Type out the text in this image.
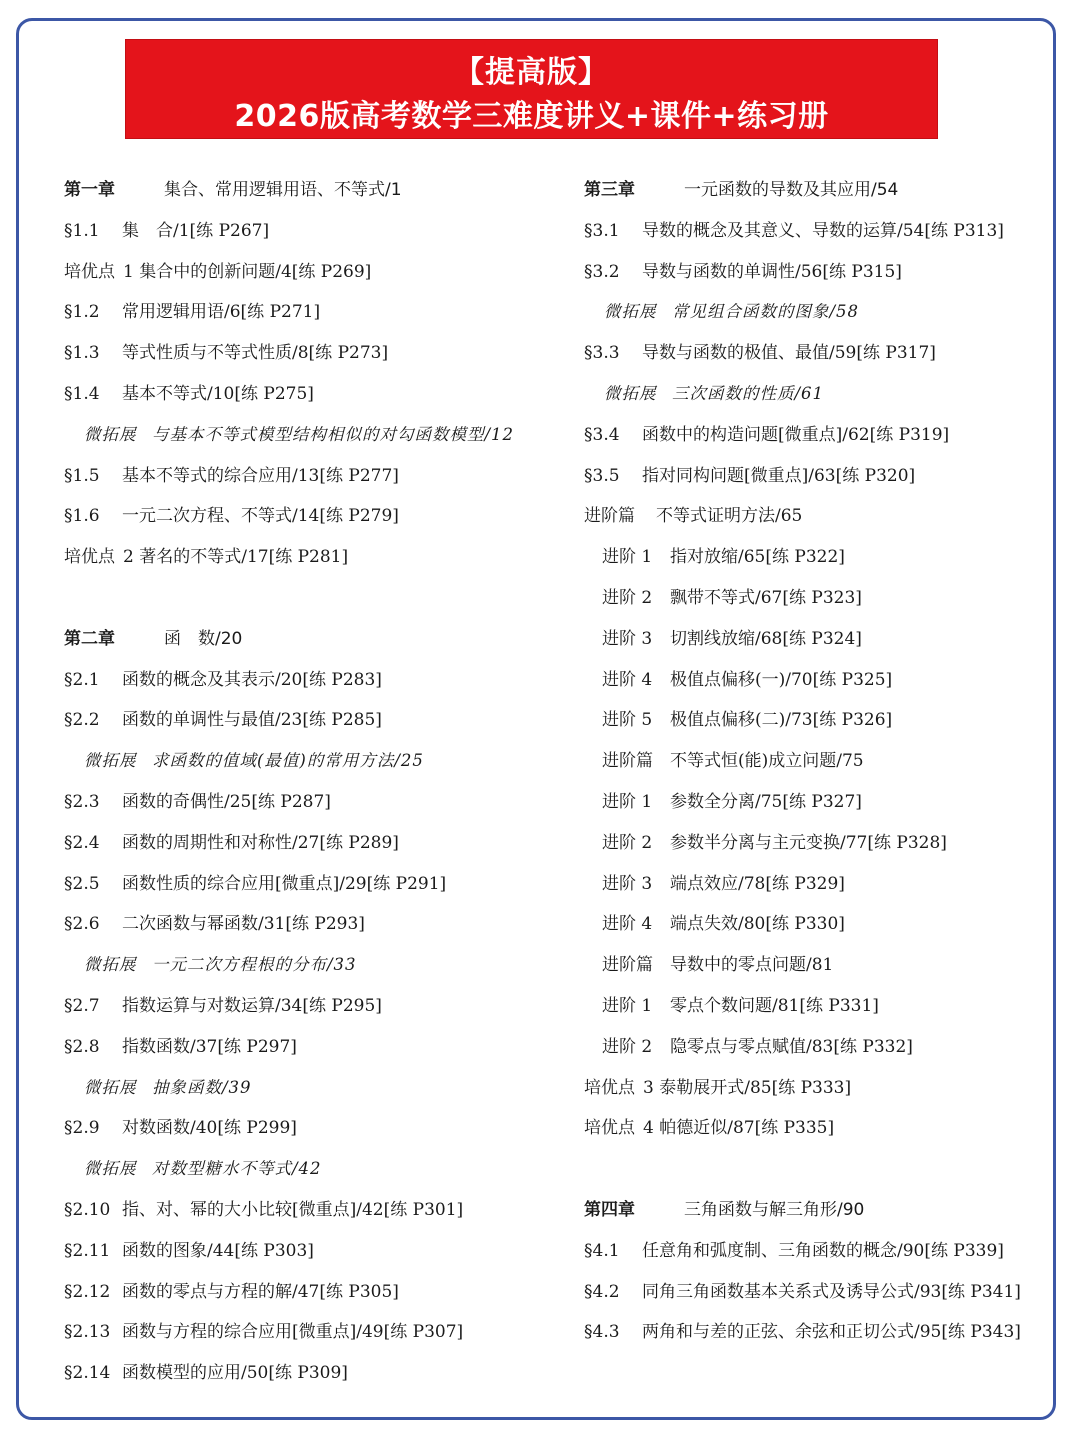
【提高版】
2026版高考数学三难度讲义+课件+练习册
第一章	集合、常用逻辑用语、不等式/1
§1.1 集　合/1[练 P267]
培优点 1 集合中的创新问题/4[练 P269]
§1.2 常用逻辑用语/6[练 P271]
§1.3 等式性质与不等式性质/8[练 P273]
§1.4 基本不等式/10[练 P275]
微拓展 与基本不等式模型结构相似的对勾函数模型/12
§1.5 基本不等式的综合应用/13[练 P277]
§1.6 一元二次方程、不等式/14[练 P279]
培优点 2 著名的不等式/17[练 P281]
第二章	函　数/20
§2.1 函数的概念及其表示/20[练 P283]
§2.2 函数的单调性与最值/23[练 P285]
微拓展 求函数的值域(最值)的常用方法/25
§2.3 函数的奇偶性/25[练 P287]
§2.4 函数的周期性和对称性/27[练 P289]
§2.5 函数性质的综合应用[微重点]/29[练 P291]
§2.6 二次函数与幂函数/31[练 P293]
微拓展 一元二次方程根的分布/33
§2.7 指数运算与对数运算/34[练 P295]
§2.8 指数函数/37[练 P297]
微拓展 抽象函数/39
§2.9 对数函数/40[练 P299]
微拓展 对数型糖水不等式/42
§2.10 指、对、幂的大小比较[微重点]/42[练 P301]
§2.11 函数的图象/44[练 P303]
§2.12 函数的零点与方程的解/47[练 P305]
§2.13 函数与方程的综合应用[微重点]/49[练 P307]
§2.14 函数模型的应用/50[练 P309]
第三章	一元函数的导数及其应用/54
§3.1 导数的概念及其意义、导数的运算/54[练 P313]
§3.2 导数与函数的单调性/56[练 P315]
微拓展 常见组合函数的图象/58
§3.3 导数与函数的极值、最值/59[练 P317]
微拓展 三次函数的性质/61
§3.4 函数中的构造问题[微重点]/62[练 P319]
§3.5 指对同构问题[微重点]/63[练 P320]
进阶篇 不等式证明方法/65
进阶 1 指对放缩/65[练 P322]
进阶 2 飘带不等式/67[练 P323]
进阶 3 切割线放缩/68[练 P324]
进阶 4 极值点偏移(一)/70[练 P325]
进阶 5 极值点偏移(二)/73[练 P326]
进阶篇 不等式恒(能)成立问题/75
进阶 1 参数全分离/75[练 P327]
进阶 2 参数半分离与主元变换/77[练 P328]
进阶 3 端点效应/78[练 P329]
进阶 4 端点失效/80[练 P330]
进阶篇 导数中的零点问题/81
进阶 1 零点个数问题/81[练 P331]
进阶 2 隐零点与零点赋值/83[练 P332]
培优点 3 泰勒展开式/85[练 P333]
培优点 4 帕德近似/87[练 P335]
第四章	三角函数与解三角形/90
§4.1 任意角和弧度制、三角函数的概念/90[练 P339]
§4.2 同角三角函数基本关系式及诱导公式/93[练 P341]
§4.3 两角和与差的正弦、余弦和正切公式/95[练 P343]
